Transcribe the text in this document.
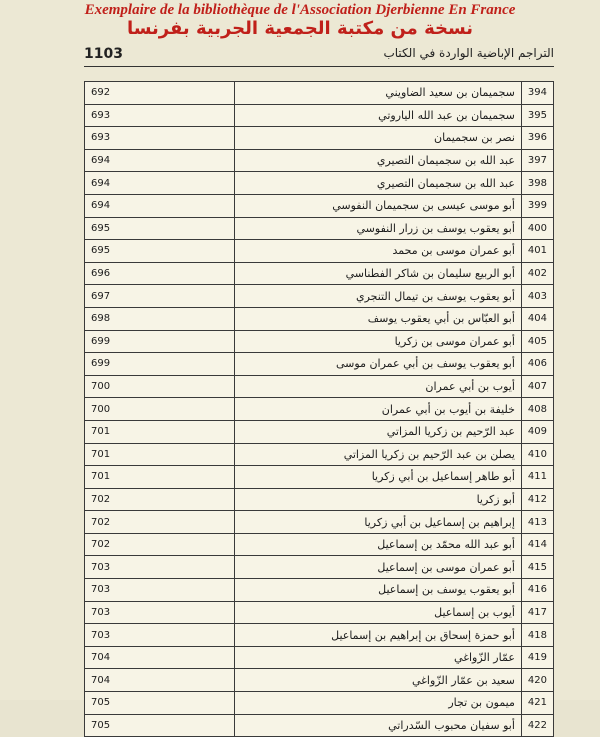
Exemplaire de la bibliothèque de l'Association Djerbienne En France
نسخة من مكتبة الجمعية الجربية بفرنسا
1103	التراجم الإباضية الواردة في الكتاب
692	سجميمان بن سعيد الضاويني	394
693	سجميمان بن عبد الله الياروتي	395
693	نصر بن سجميمان	396
694	عبد الله بن سجميمان التصيري	397
694	عبد الله بن سجميمان التصيري	398
694	أبو موسى عيسى بن سجميمان النفوسي	399
695	أبو يعقوب يوسف بن زرار النفوسي	400
695	أبو عمران موسى بن محمد	401
696	أبو الربيع سليمان بن شاكر الفطناسي	402
697	أبو يعقوب يوسف بن تيمال التنجري	403
698	أبو العبّاس بن أبي يعقوب يوسف	404
699	أبو عمران موسى بن زكريا	405
699	أبو يعقوب يوسف بن أبي عمران موسى	406
700	أيوب بن أبي عمران	407
700	خليفة بن أيوب بن أبي عمران	408
701	عبد الرّحيم بن زكريا المزاتي	409
701	يصلن بن عبد الرّحيم بن زكريا المزاتي	410
701	أبو طاهر إسماعيل بن أبي زكريا	411
702	أبو زكريا	412
702	إبراهيم بن إسماعيل بن أبي زكريا	413
702	أبو عبد الله محمّد بن إسماعيل	414
703	أبو عمران موسى بن إسماعيل	415
703	أبو يعقوب يوسف بن إسماعيل	416
703	أيوب بن إسماعيل	417
703	أبو حمزة إسحاق بن إبراهيم بن إسماعيل	418
704	عمّار الزّواغي	419
704	سعيد بن عمّار الزّواغي	420
705	ميمون بن تجار	421
705	أبو سفيان محبوب السّدراتي	422
